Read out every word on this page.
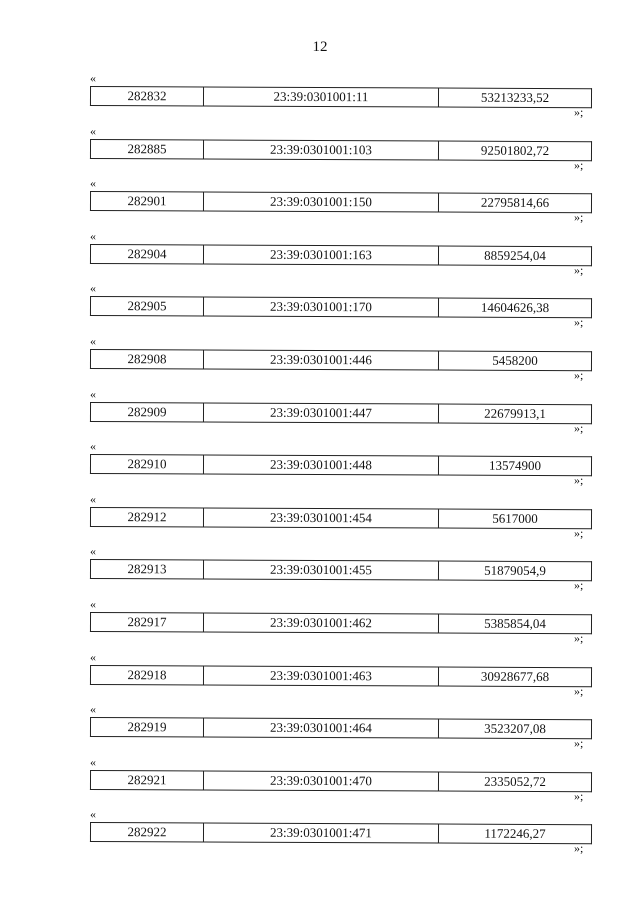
12
«
282832	23:39:0301001:11	53213233,52
»;
«
282885	23:39:0301001:103	92501802,72
»;
«
282901	23:39:0301001:150	22795814,66
»;
«
282904	23:39:0301001:163	8859254,04
»;
«
282905	23:39:0301001:170	14604626,38
»;
«
282908	23:39:0301001:446	5458200
»;
«
282909	23:39:0301001:447	22679913,1
»;
«
282910	23:39:0301001:448	13574900
»;
«
282912	23:39:0301001:454	5617000
»;
«
282913	23:39:0301001:455	51879054,9
»;
«
282917	23:39:0301001:462	5385854,04
»;
«
282918	23:39:0301001:463	30928677,68
»;
«
282919	23:39:0301001:464	3523207,08
»;
«
282921	23:39:0301001:470	2335052,72
»;
«
282922	23:39:0301001:471	1172246,27
»;
